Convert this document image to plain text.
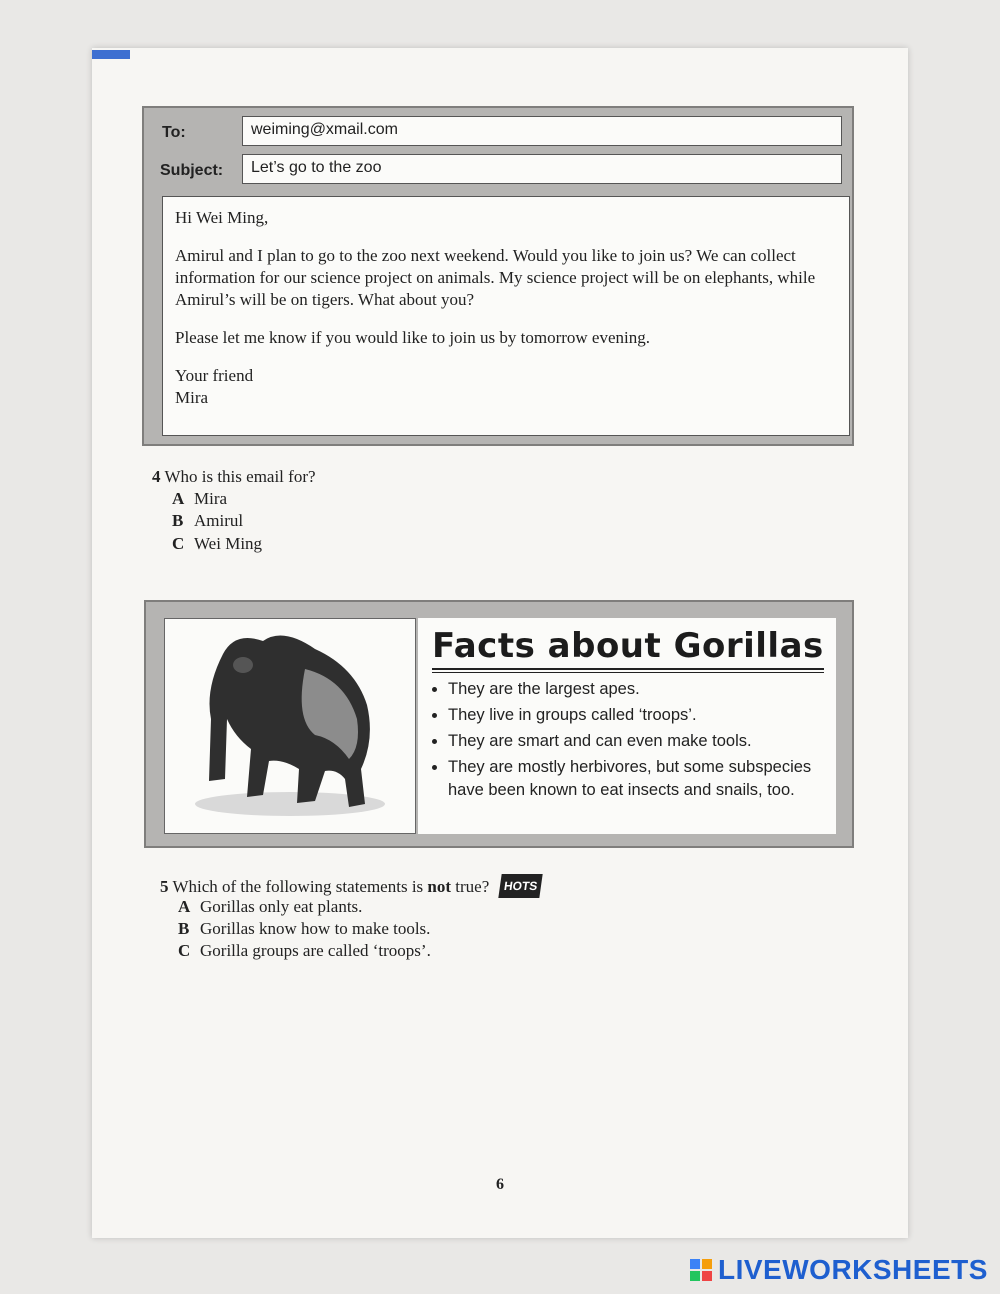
To:	weiming@xmail.com
Subject:	Let’s go to the zoo

Hi Wei Ming,

Amirul and I plan to go to the zoo next weekend. Would you like to join us? We can collect information for our science project on animals. My science project will be on elephants, while Amirul’s will be on tigers. What about you?

Please let me know if you would like to join us by tomorrow evening.

Your friend
Mira
4 Who is this email for?
A Mira
B Amirul
C Wei Ming
Facts about Gorillas
• They are the largest apes.
• They live in groups called ‘troops’.
• They are smart and can even make tools.
• They are mostly herbivores, but some subspecies have been known to eat insects and snails, too.
5 Which of the following statements is not true? HOTS
A Gorillas only eat plants.
B Gorillas know how to make tools.
C Gorilla groups are called ‘troops’.
6
LIVEWORKSHEETS
